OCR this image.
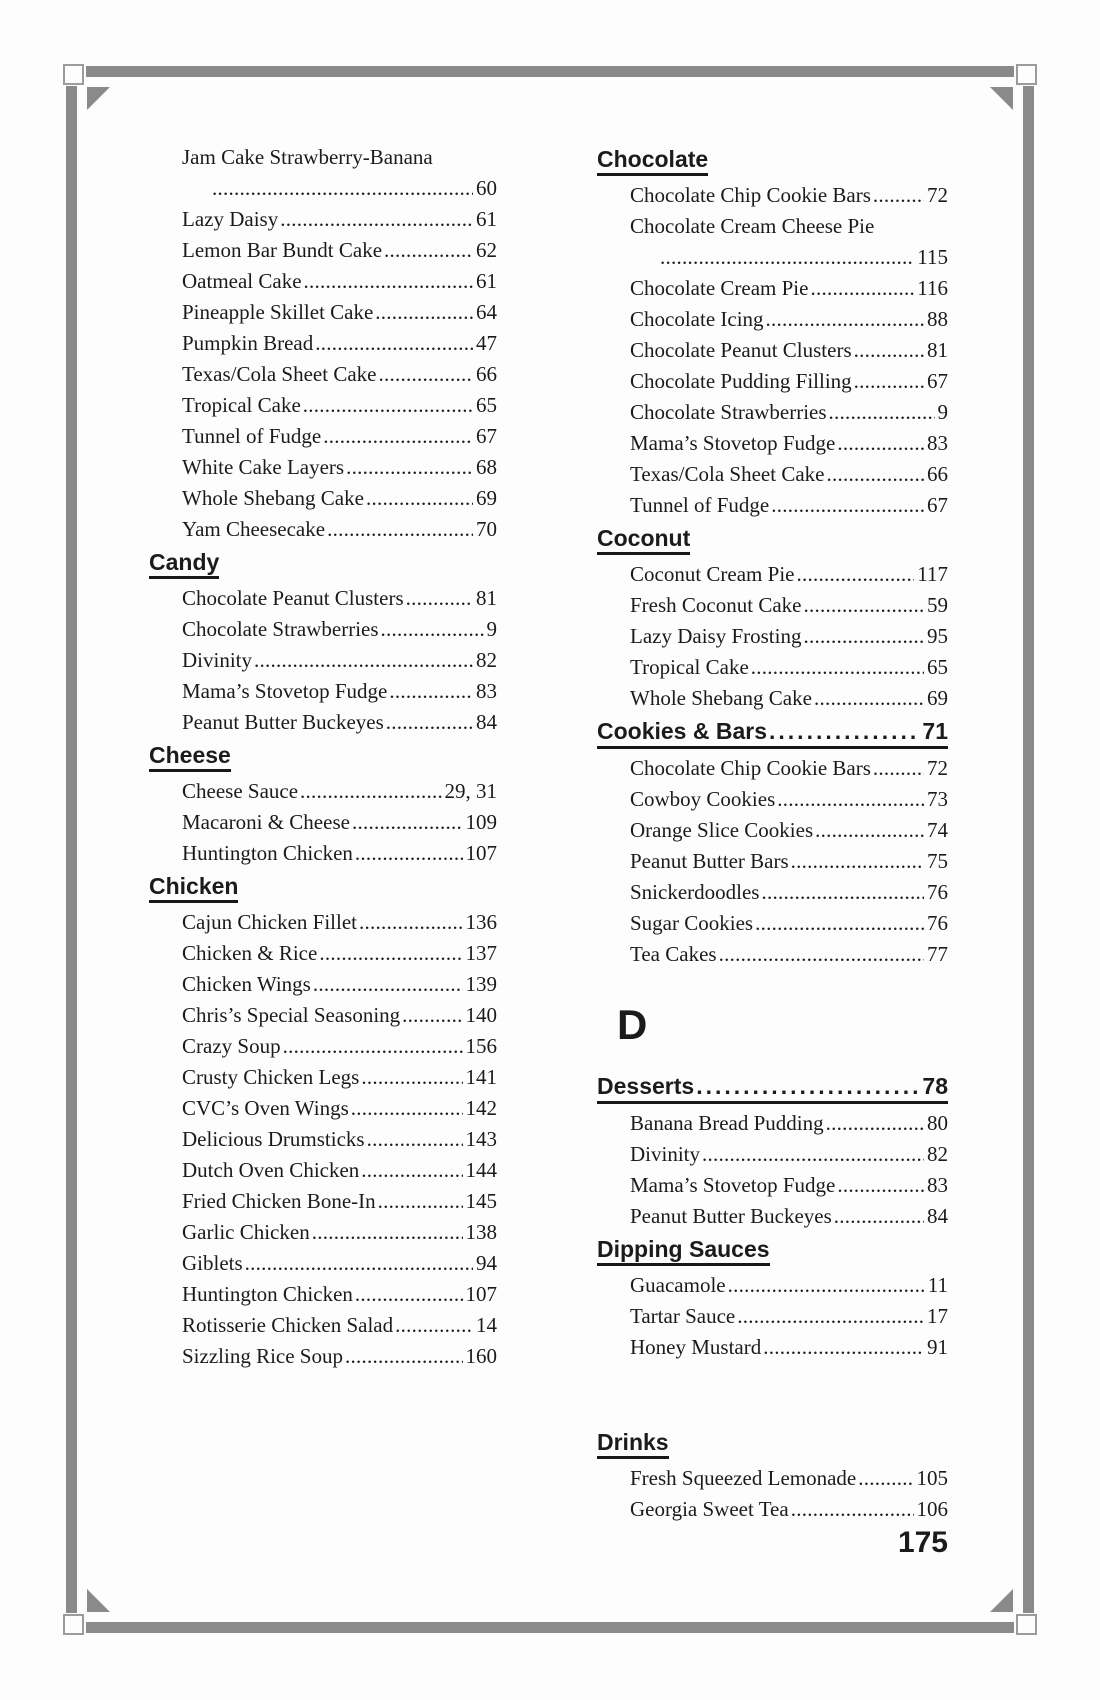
Jam Cake Strawberry-Banana
. . .
60
Lazy Daisy . . .	61
Lemon Bar Bundt Cake . . .	62
Oatmeal Cake . . .	61
Pineapple Skillet Cake . . .	64
Pumpkin Bread . . .	47
Texas/Cola Sheet Cake . . .	66
Tropical Cake . . .	65
Tunnel of Fudge . . .	67
White Cake Layers . . .	68
Whole Shebang Cake . . .	69
Yam Cheesecake . . .	70
Candy
Chocolate Peanut Clusters . . .	81
Chocolate Strawberries . . .	9
Divinity . . .	82
Mama’s Stovetop Fudge . . .	83
Peanut Butter Buckeyes . . .	84
Cheese
Cheese Sauce . . .	29, 31
Macaroni & Cheese . . .	109
Huntington Chicken . . .	107
Chicken
Cajun Chicken Fillet . . .	136
Chicken & Rice . . .	137
Chicken Wings . . .	139
Chris’s Special Seasoning . . .	140
Crazy Soup . . .	156
Crusty Chicken Legs . . .	141
CVC’s Oven Wings . . .	142
Delicious Drumsticks . . .	143
Dutch Oven Chicken . . .	144
Fried Chicken Bone-In . . .	145
Garlic Chicken . . .	138
Giblets . . .	94
Huntington Chicken . . .	107
Rotisserie Chicken Salad . . .	14
Sizzling Rice Soup . . .	160
Chocolate
Chocolate Chip Cookie Bars . . .	72
Chocolate Cream Cheese Pie
. . .
115
Chocolate Cream Pie . . .	116
Chocolate Icing . . .	88
Chocolate Peanut Clusters . . .	81
Chocolate Pudding Filling . . .	67
Chocolate Strawberries . . .	9
Mama’s Stovetop Fudge . . .	83
Texas/Cola Sheet Cake . . .	66
Tunnel of Fudge . . .	67
Coconut
Coconut Cream Pie . . .	117
Fresh Coconut Cake . . .	59
Lazy Daisy Frosting . . .	95
Tropical Cake . . .	65
Whole Shebang Cake . . .	69
Cookies & Bars .....	71
Chocolate Chip Cookie Bars . . .	72
Cowboy Cookies . . .	73
Orange Slice Cookies . . .	74
Peanut Butter Bars . . .	75
Snickerdoodles . . .	76
Sugar Cookies . . .	76
Tea Cakes . . .	77
D
Desserts .....	78
Banana Bread Pudding . . .	80
Divinity . . .	82
Mama’s Stovetop Fudge . . .	83
Peanut Butter Buckeyes . . .	84
Dipping Sauces
Guacamole . . .	11
Tartar Sauce . . .	17
Honey Mustard . . .	91
Drinks
Fresh Squeezed Lemonade . . .	105
Georgia Sweet Tea . . .	106
175
